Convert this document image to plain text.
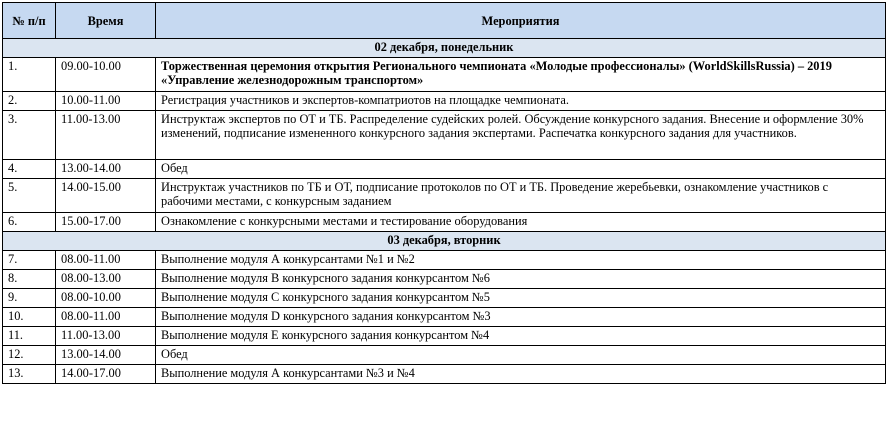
№ п/п	Время	Мероприятия
02 декабря, понедельник		
1.	09.00-10.00	Торжественная церемония открытия Регионального чемпионата «Молодые профессионалы» (WorldSkillsRussia) – 2019 «Управление железнодорожным транспортом»
2.	10.00-11.00	Регистрация участников и экспертов-компатриотов на площадке чемпионата.
3.	11.00-13.00	Инструктаж экспертов по ОТ и ТБ. Распределение судейских ролей. Обсуждение конкурсного задания. Внесение и оформление 30% изменений, подписание измененного конкурсного задания экспертами. Распечатка конкурсного задания для участников.
4.	13.00-14.00	Обед
5.	14.00-15.00	Инструктаж участников по ТБ и ОТ, подписание протоколов по ОТ и ТБ. Проведение жеребьевки, ознакомление участников с рабочими местами, с конкурсным заданием
6.	15.00-17.00	Ознакомление с конкурсными местами и тестирование оборудования
03 декабря, вторник		
7.	08.00-11.00	Выполнение модуля А конкурсантами №1 и №2
8.	08.00-13.00	Выполнение модуля В конкурсного задания конкурсантом №6
9.	08.00-10.00	Выполнение модуля С конкурсного задания конкурсантом №5
10.	08.00-11.00	Выполнение модуля D конкурсного задания конкурсантом №3
11.	11.00-13.00	Выполнение модуля Е конкурсного задания конкурсантом №4
12.	13.00-14.00	Обед
13.	14.00-17.00	Выполнение модуля А конкурсантами №3 и №4
